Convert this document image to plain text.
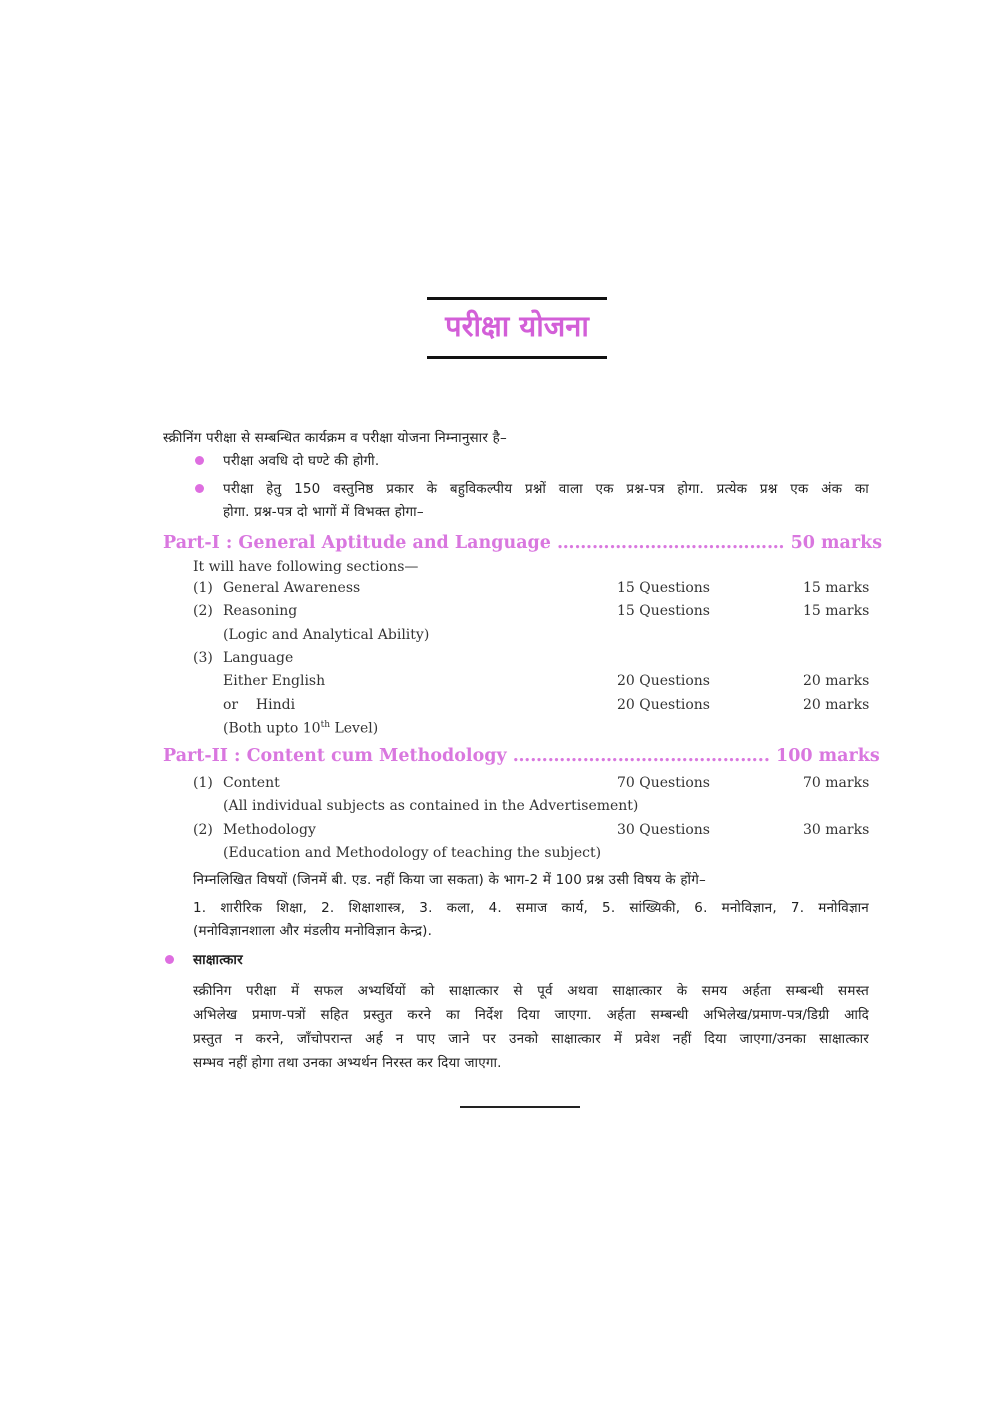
परीक्षा योजना
स्क्रीनिंग परीक्षा से सम्बन्धित कार्यक्रम व परीक्षा योजना निम्नानुसार है–
परीक्षा अवधि दो घण्टे की होगी.
परीक्षा हेतु 150 वस्तुनिष्ठ प्रकार के बहुविकल्पीय प्रश्नों वाला एक प्रश्न-पत्र होगा. प्रत्येक प्रश्न एक अंक का
होगा. प्रश्न-पत्र दो भागों में विभक्त होगा–
Part-I : General Aptitude and Language ………………………………… 50 marks
It will have following sections—
(1) General Awareness	15 Questions	15 marks
(2) Reasoning	15 Questions	15 marks
(Logic and Analytical Ability)
(3) Language
Either English	20 Questions	20 marks
or    Hindi	20 Questions	20 marks
(Both upto 10th Level)
Part-II : Content cum Methodology …………………………………….. 100 marks
(1) Content	70 Questions	70 marks
(All individual subjects as contained in the Advertisement)
(2) Methodology	30 Questions	30 marks
(Education and Methodology of teaching the subject)
निम्नलिखित विषयों (जिनमें बी. एड. नहीं किया जा सकता) के भाग-2 में 100 प्रश्न उसी विषय के होंगे–
1. शारीरिक शिक्षा, 2. शिक्षाशास्त्र, 3. कला, 4. समाज कार्य, 5. सांख्यिकी, 6. मनोविज्ञान, 7. मनोविज्ञान
(मनोविज्ञानशाला और मंडलीय मनोविज्ञान केन्द्र).
साक्षात्कार
स्क्रीनिग परीक्षा में सफल अभ्यर्थियों को साक्षात्कार से पूर्व अथवा साक्षात्कार के समय अर्हता सम्बन्धी समस्त
अभिलेख प्रमाण-पत्रों सहित प्रस्तुत करने का निर्देश दिया जाएगा. अर्हता सम्बन्धी अभिलेख/प्रमाण-पत्र/डिग्री आदि
प्रस्तुत न करने, जाँचोपरान्त अर्ह न पाए जाने पर उनको साक्षात्कार में प्रवेश नहीं दिया जाएगा/उनका साक्षात्कार
सम्भव नहीं होगा तथा उनका अभ्यर्थन निरस्त कर दिया जाएगा.
